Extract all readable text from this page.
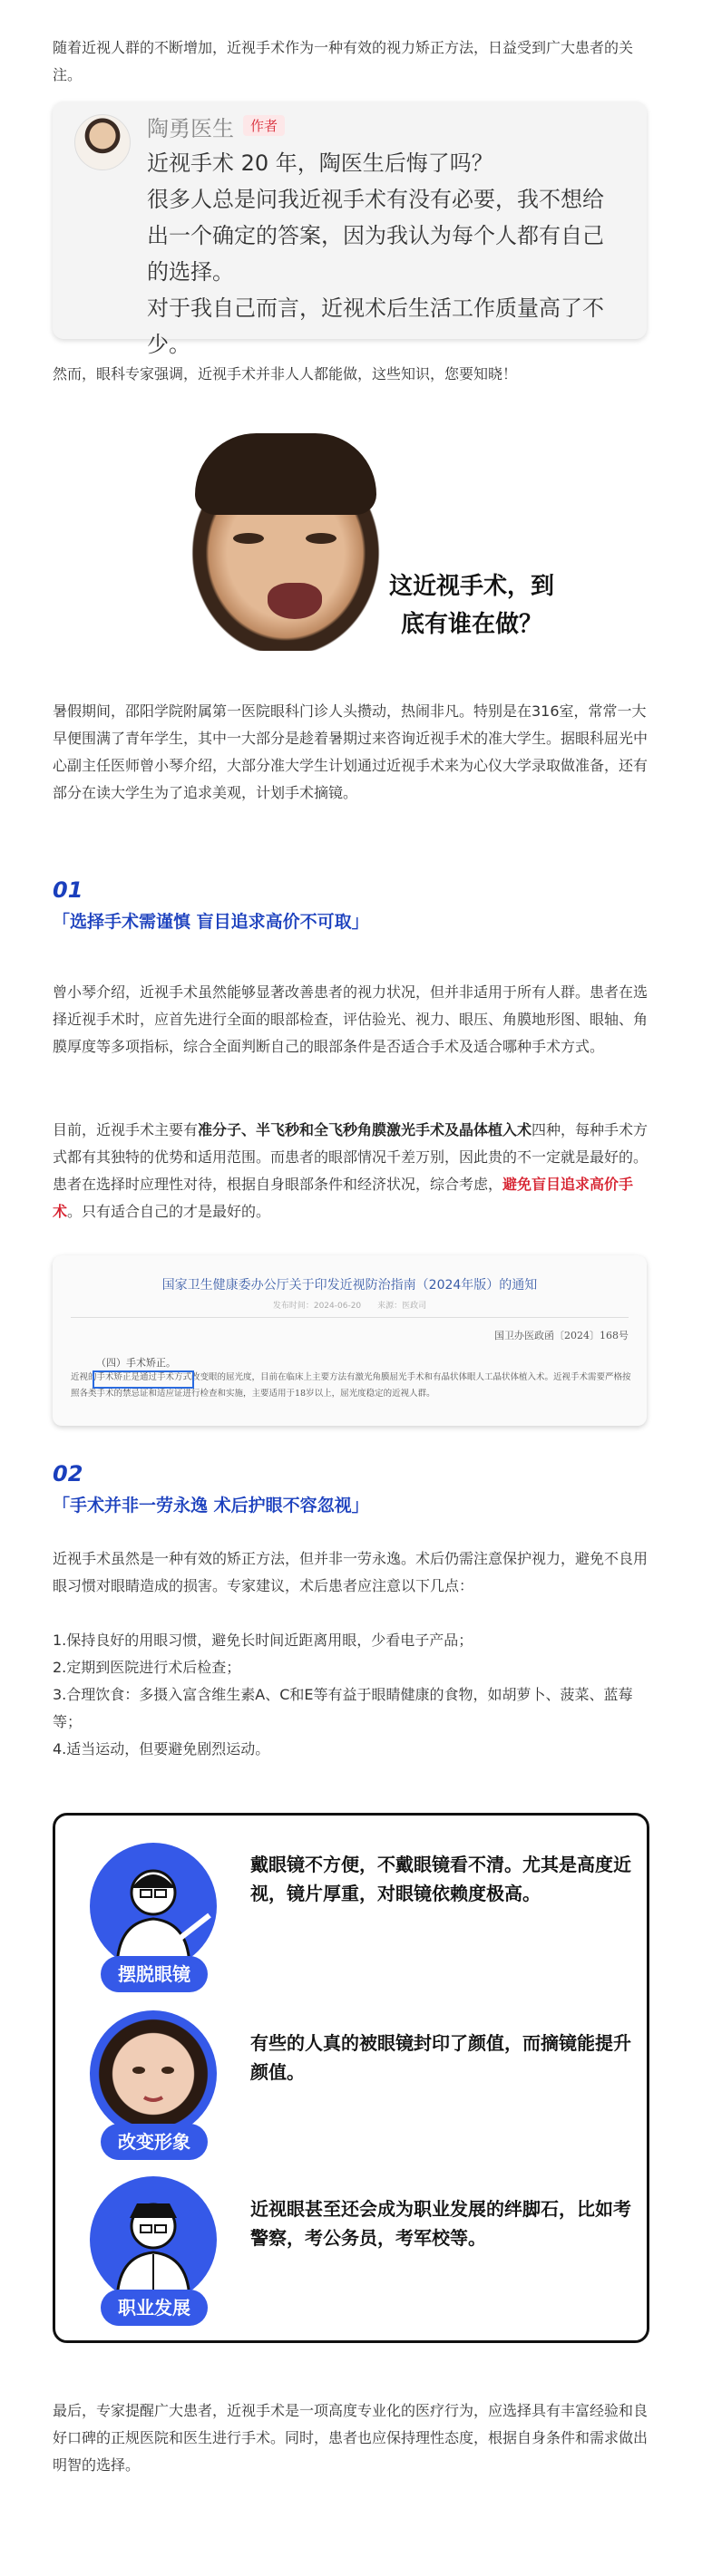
随着近视人群的不断增加，近视手术作为一种有效的视力矫正方法，日益受到广大患者的关注。

陶勇医生	作者

近视手术 20 年，陶医生后悔了吗？

很多人总是问我近视手术有没有必要，我不想给出一个确定的答案，因为我认为每个人都有自己的选择。

对于我自己而言，近视术后生活工作质量高了不少。

然而，眼科专家强调，近视手术并非人人都能做，这些知识，您要知晓！

这近视手术，到底有谁在做？

暑假期间，邵阳学院附属第一医院眼科门诊人头攒动，热闹非凡。特别是在316室，常常一大早便围满了青年学生，其中一大部分是趁着暑期过来咨询近视手术的准大学生。据眼科屈光中心副主任医师曾小琴介绍，大部分准大学生计划通过近视手术来为心仪大学录取做准备，还有部分在读大学生为了追求美观，计划手术摘镜。

01
「选择手术需谨慎 盲目追求高价不可取」

曾小琴介绍，近视手术虽然能够显著改善患者的视力状况，但并非适用于所有人群。患者在选择近视手术时，应首先进行全面的眼部检查，评估验光、视力、眼压、角膜地形图、眼轴、角膜厚度等多项指标，综合全面判断自己的眼部条件是否适合手术及适合哪种手术方式。

目前，近视手术主要有准分子、半飞秒和全飞秒角膜激光手术及晶体植入术四种，每种手术方式都有其独特的优势和适用范围。而患者的眼部情况千差万别，因此贵的不一定就是最好的。患者在选择时应理性对待，根据自身眼部条件和经济状况，综合考虑，避免盲目追求高价手术。只有适合自己的才是最好的。

国家卫生健康委办公厅关于印发近视防治指南（2024年版）的通知
发布时间：2024-06-20　　来源：医政司
国卫办医政函〔2024〕168号
（四）手术矫正。
近视的手术矫正是通过手术方式改变眼的屈光度，目前在临床上主要方法有激光角膜屈光手术和有晶状体眼人工晶状体植入术。近视手术需要严格按照各类手术的禁忌证和适应证进行检查和实施，主要适用于18岁以上，屈光度稳定的近视人群。
02
「手术并非一劳永逸 术后护眼不容忽视」

近视手术虽然是一种有效的矫正方法，但并非一劳永逸。术后仍需注意保护视力，避免不良用眼习惯对眼睛造成的损害。专家建议，术后患者应注意以下几点：

1.保持良好的用眼习惯，避免长时间近距离用眼，少看电子产品；

2.定期到医院进行术后检查；

3.合理饮食：多摄入富含维生素A、C和E等有益于眼睛健康的食物，如胡萝卜、菠菜、蓝莓等；

4.适当运动，但要避免剧烈运动。

摆脱眼镜
戴眼镜不方便，不戴眼镜看不清。尤其是高度近视，镜片厚重，对眼镜依赖度极高。
改变形象
有些的人真的被眼镜封印了颜值，而摘镜能提升颜值。
职业发展
近视眼甚至还会成为职业发展的绊脚石，比如考警察，考公务员，考军校等。

最后，专家提醒广大患者，近视手术是一项高度专业化的医疗行为，应选择具有丰富经验和良好口碑的正规医院和医生进行手术。同时，患者也应保持理性态度，根据自身条件和需求做出明智的选择。
